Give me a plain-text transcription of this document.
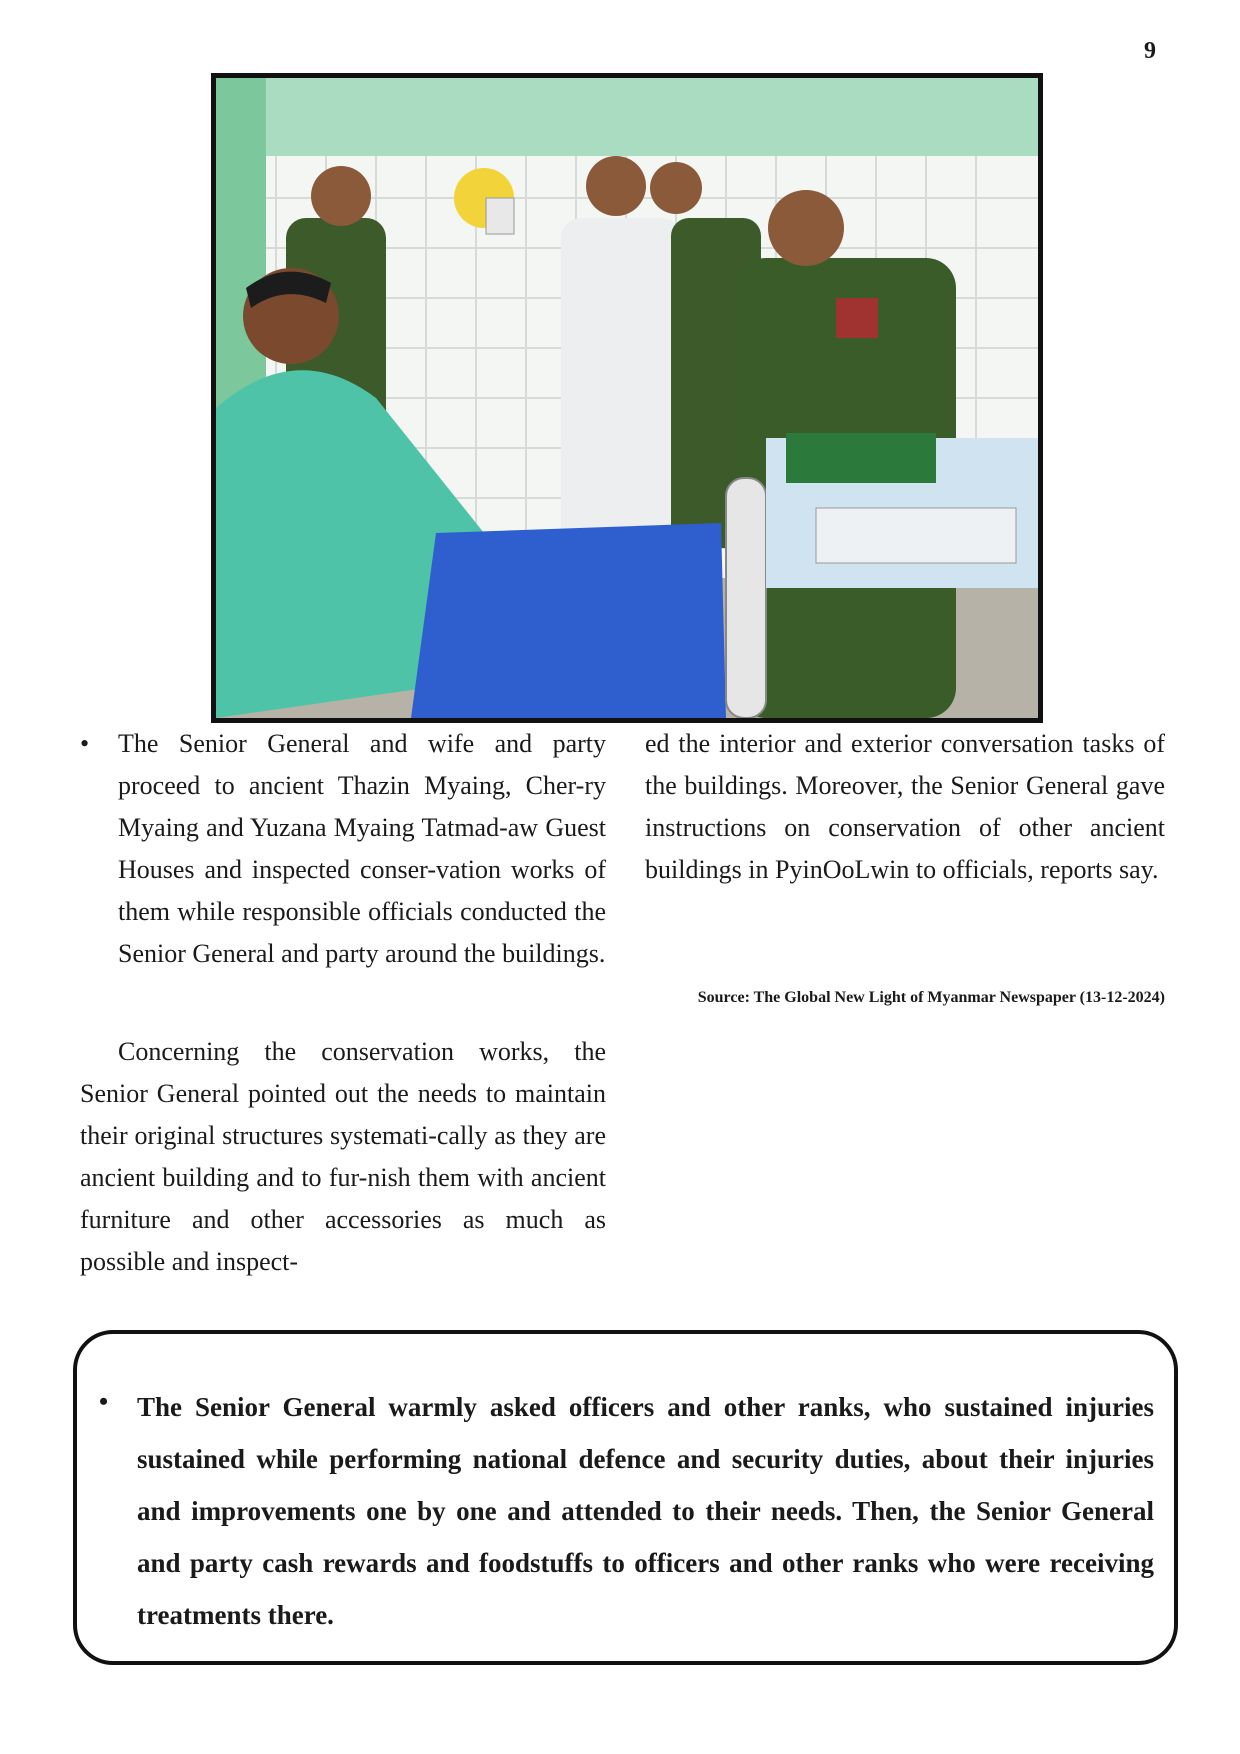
9
• The Senior General and wife and party proceed to ancient Thazin Myaing, Cher-ry Myaing and Yuzana Myaing Tatmad-aw Guest Houses and inspected conser-vation works of them while responsible officials conducted the Senior General and party around the buildings.

Concerning the conservation works, the Senior General pointed out the needs to maintain their original structures systemati-cally as they are ancient building and to fur-nish them with ancient furniture and other accessories as much as possible and inspect-

ed the interior and exterior conversation tasks of the buildings. Moreover, the Senior General gave instructions on conservation of other ancient buildings in PyinOoLwin to officials, reports say.

Source: The Global New Light of Myanmar Newspaper (13-12-2024)
• The Senior General warmly asked officers and other ranks, who sustained injuries sustained while performing national defence and security duties, about their injuries and improvements one by one and attended to their needs. Then, the Senior General and party cash rewards and foodstuffs to officers and other ranks who were receiving treatments there.
